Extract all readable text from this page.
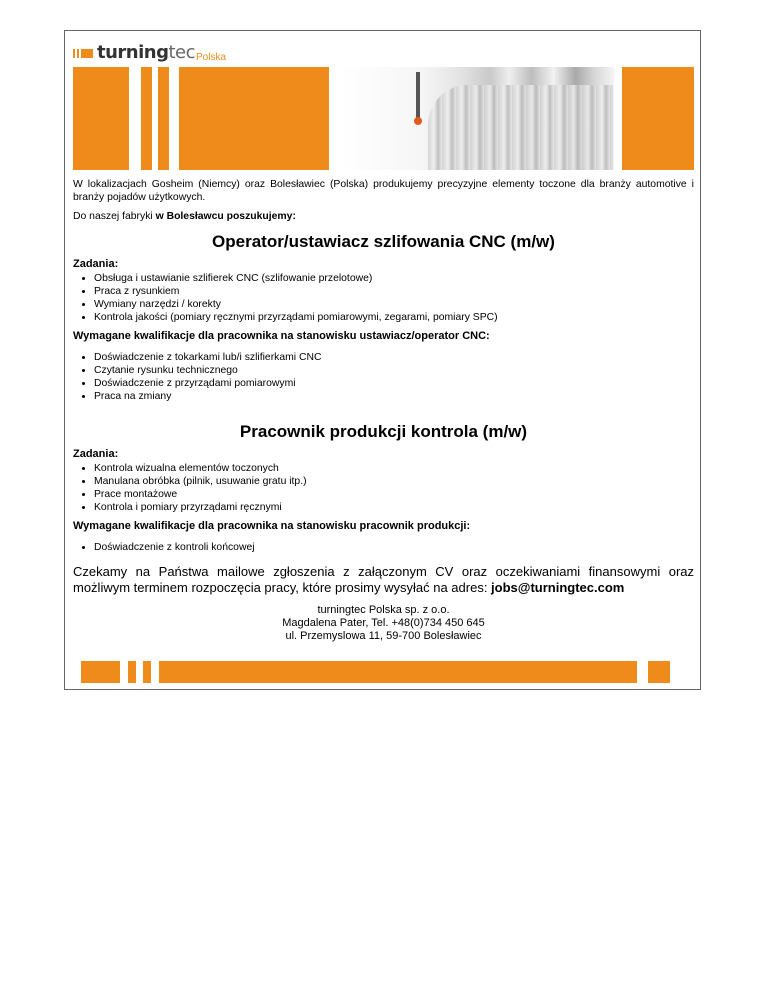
turningtec Polska

W lokalizacjach Gosheim (Niemcy) oraz Bolesławiec (Polska) produkujemy precyzyjne elementy toczone dla branży automotive i branży pojadów użytkowych.

Do naszej fabryki w Bolesławcu poszukujemy:

Operator/ustawiacz szlifowania CNC (m/w)
Zadania:
• Obsługa i ustawianie szlifierek CNC (szlifowanie przelotowe)
• Praca z rysunkiem
• Wymiany narzędzi / korekty
• Kontrola jakości (pomiary ręcznymi przyrządami pomiarowymi, zegarami, pomiary SPC)
Wymagane kwalifikacje dla pracownika na stanowisku ustawiacz/operator CNC:
• Doświadczenie z tokarkami lub/i szlifierkami CNC
• Czytanie rysunku technicznego
• Doświadczenie z przyrządami pomiarowymi
• Praca na zmiany
Pracownik produkcji kontrola (m/w)
Zadania:
• Kontrola wizualna elementów toczonych
• Manulana obróbka (pilnik, usuwanie gratu itp.)
• Prace montażowe
• Kontrola i pomiary przyrządami ręcznymi
Wymagane kwalifikacje dla pracownika na stanowisku pracownik produkcji:
• Doświadczenie z kontroli końcowej

Czekamy na Państwa mailowe zgłoszenia z załączonym CV oraz oczekiwaniami finansowymi oraz możliwym terminem rozpoczęcia pracy, które prosimy wysyłać na adres: jobs@turningtec.com

turningtec Polska sp. z o.o.
Magdalena Pater, Tel. +48(0)734 450 645
ul. Przemyslowa 11, 59-700 Bolesławiec
